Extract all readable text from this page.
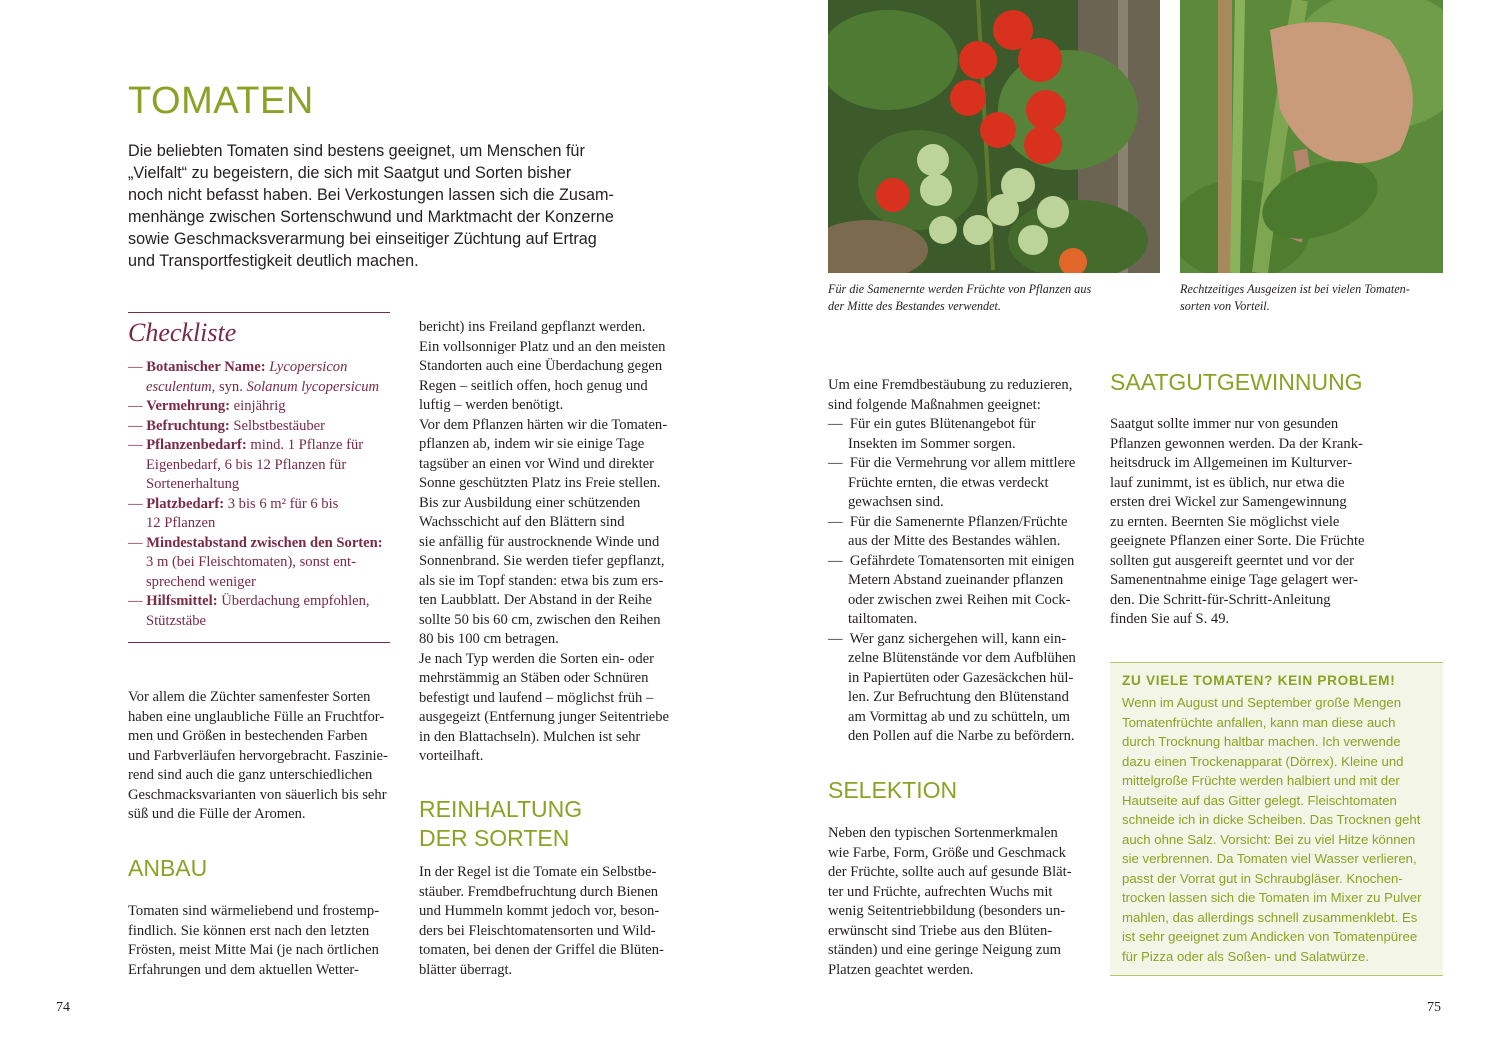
TOMATEN
Die beliebten Tomaten sind bestens geeignet, um Menschen für
„Vielfalt“ zu begeistern, die sich mit Saatgut und Sorten bisher
noch nicht befasst haben. Bei Verkostungen lassen sich die Zusam-
menhänge zwischen Sortenschwund und Marktmacht der Konzerne
sowie Geschmacksverarmung bei einseitiger Züchtung auf Ertrag
und Transportfestigkeit deutlich machen.
Checkliste
— Botanischer Name: Lycopersicon
esculentum, syn. Solanum lycopersicum
— Vermehrung: einjährig
— Befruchtung: Selbstbestäuber
— Pflanzenbedarf: mind. 1 Pflanze für
Eigenbedarf, 6 bis 12 Pflanzen für
Sortenerhaltung
— Platzbedarf: 3 bis 6 m² für 6 bis
12 Pflanzen
— Mindestabstand zwischen den Sorten:
3 m (bei Fleischtomaten), sonst ent-
sprechend weniger
— Hilfsmittel: Überdachung empfohlen,
Stützstäbe
Vor allem die Züchter samenfester Sorten
haben eine unglaubliche Fülle an Fruchtfor-
men und Größen in bestechenden Farben
und Farbverläufen hervorgebracht. Faszinie-
rend sind auch die ganz unterschiedlichen
Geschmacksvarianten von säuerlich bis sehr
süß und die Fülle der Aromen.
ANBAU
Tomaten sind wärmeliebend und frostemp-
findlich. Sie können erst nach den letzten
Frösten, meist Mitte Mai (je nach örtlichen
Erfahrungen und dem aktuellen Wetter-
bericht) ins Freiland gepflanzt werden.
Ein vollsonniger Platz und an den meisten
Standorten auch eine Überdachung gegen
Regen – seitlich offen, hoch genug und
luftig – werden benötigt.
Vor dem Pflanzen härten wir die Tomaten-
pflanzen ab, indem wir sie einige Tage
tagsüber an einen vor Wind und direkter
Sonne geschützten Platz ins Freie stellen.
Bis zur Ausbildung einer schützenden
Wachsschicht auf den Blättern sind
sie anfällig für austrocknende Winde und
Sonnenbrand. Sie werden tiefer gepflanzt,
als sie im Topf standen: etwa bis zum ers-
ten Laubblatt. Der Abstand in der Reihe
sollte 50 bis 60 cm, zwischen den Reihen
80 bis 100 cm betragen.
Je nach Typ werden die Sorten ein- oder
mehrstämmig an Stäben oder Schnüren
befestigt und laufend – möglichst früh –
ausgegeizt (Entfernung junger Seitentriebe
in den Blattachseln). Mulchen ist sehr
vorteilhaft.
REINHALTUNG
DER SORTEN
In der Regel ist die Tomate ein Selbstbe-
stäuber. Fremdbefruchtung durch Bienen
und Hummeln kommt jedoch vor, beson-
ders bei Fleischtomatensorten und Wild-
tomaten, bei denen der Griffel die Blüten-
blätter überragt.
74
Für die Samenernte werden Früchte von Pflanzen aus
der Mitte des Bestandes verwendet.
Rechtzeitiges Ausgeizen ist bei vielen Tomaten-
sorten von Vorteil.
Um eine Fremdbestäubung zu reduzieren,
sind folgende Maßnahmen geeignet:
— Für ein gutes Blütenangebot für
Insekten im Sommer sorgen.
— Für die Vermehrung vor allem mittlere
Früchte ernten, die etwas verdeckt
gewachsen sind.
— Für die Samenernte Pflanzen/Früchte
aus der Mitte des Bestandes wählen.
— Gefährdete Tomatensorten mit einigen
Metern Abstand zueinander pflanzen
oder zwischen zwei Reihen mit Cock-
tailtomaten.
— Wer ganz sichergehen will, kann ein-
zelne Blütenstände vor dem Aufblühen
in Papiertüten oder Gazesäckchen hül-
len. Zur Befruchtung den Blütenstand
am Vormittag ab und zu schütteln, um
den Pollen auf die Narbe zu befördern.
SELEKTION
Neben den typischen Sortenmerkmalen
wie Farbe, Form, Größe und Geschmack
der Früchte, sollte auch auf gesunde Blät-
ter und Früchte, aufrechten Wuchs mit
wenig Seitentriebbildung (besonders un-
erwünscht sind Triebe aus den Blüten-
ständen) und eine geringe Neigung zum
Platzen geachtet werden.
SAATGUTGEWINNUNG
Saatgut sollte immer nur von gesunden
Pflanzen gewonnen werden. Da der Krank-
heitsdruck im Allgemeinen im Kulturver-
lauf zunimmt, ist es üblich, nur etwa die
ersten drei Wickel zur Samengewinnung
zu ernten. Beernten Sie möglichst viele
geeignete Pflanzen einer Sorte. Die Früchte
sollten gut ausgereift geerntet und vor der
Samenentnahme einige Tage gelagert wer-
den. Die Schritt-für-Schritt-Anleitung
finden Sie auf S. 49.
ZU VIELE TOMATEN? KEIN PROBLEM!
Wenn im August und September große Mengen
Tomatenfrüchte anfallen, kann man diese auch
durch Trocknung haltbar machen. Ich verwende
dazu einen Trockenapparat (Dörrex). Kleine und
mittelgroße Früchte werden halbiert und mit der
Hautseite auf das Gitter gelegt. Fleischtomaten
schneide ich in dicke Scheiben. Das Trocknen geht
auch ohne Salz. Vorsicht: Bei zu viel Hitze können
sie verbrennen. Da Tomaten viel Wasser verlieren,
passt der Vorrat gut in Schraubgläser. Knochen-
trocken lassen sich die Tomaten im Mixer zu Pulver
mahlen, das allerdings schnell zusammenklebt. Es
ist sehr geeignet zum Andicken von Tomatenpüree
für Pizza oder als Soßen- und Salatwürze.
75
